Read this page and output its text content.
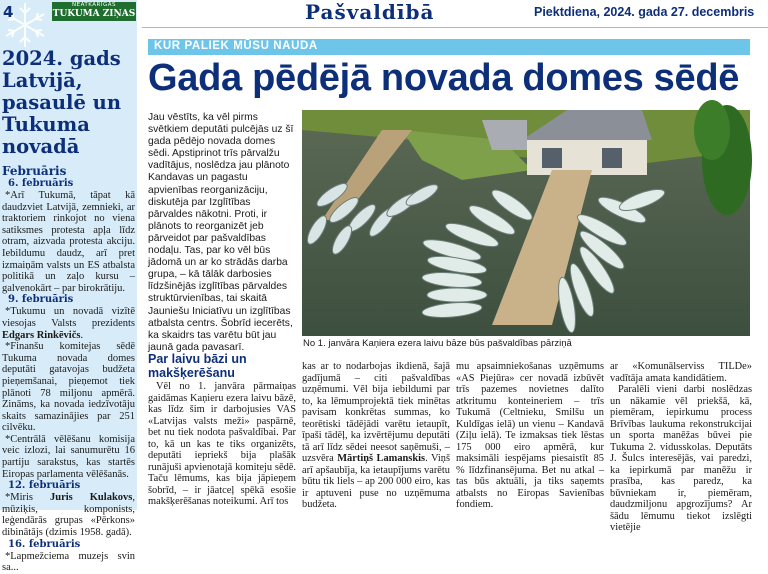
4	NEATKARĪGĀS
TUKUMA ZIŅAS
2024. gads Latvijā, pasaulē un Tukuma novadā
Februāris
6. februāris

*Arī Tukumā, tāpat kā daudzviet Latvijā, zemnieki, ar traktoriem rinkojot no viena satiksmes protesta apļa līdz otram, aizvada protesta akciju. Iebildumu daudz, arī pret izmaiņām valsts un ES atbalsta politikā un zaļo kursu – galvenokārt – par birokrātiju.

9. februāris

*Tukumu un novadā vizītē viesojas Valsts prezidents Edgars Rinkēvičs.

*Finanšu komitejas sēdē Tukuma novada domes deputāti gatavojas budžeta pieņemšanai, pieņemot tiek plānoti 78 miljonu apmērā. Zināms, ka novada iedzīvotāju skaits samazinājies par 251 cilvēku.

*Centrālā vēlēšanu komisija veic izlozi, lai sanumurētu 16 partiju sarakstus, kas startēs Eiropas parlamenta vēlēšanās.

12. februāris

*Miris Juris Kulakovs, mūziķis, komponists, leģendārās grupas «Pērkons» dibinātājs (dzimis 1958. gadā).

16. februāris

*Lapmežciema muzejs svin sa...

Pašvaldībā	Piektdiena, 2024. gada 27. decembris
KUR PALIEK MŪSU NAUDA
Gada pēdējā novada domes sēdē
Jau vēstīts, ka vēl pirms svētkiem deputāti pulcējās uz šī gada pēdējo novada domes sēdi. Apstiprinot trīs pārvalžu vadītājus, noslēdza jau plānoto Kandavas un pagastu apvienības reorganizāciju, diskutēja par Izglītības pārvaldes nākotni. Proti, ir plānots to reorganizēt jeb pārveidot par pašvaldības nodaļu. Tas, par ko vēl būs jādomā un ar ko strādās darba grupa, – kā tālāk darbosies līdzšinējās izglītības pārvaldes struktūrvienības, tai skaitā Jauniešu Iniciatīvu un izglītības atbalsta centrs. Šobrīd iecerēts, ka skaidrs tas varētu būt jau jaunā gada pavasarī.	No 1. janvāra Kaņiera ezera laivu bāze būs pašvaldības pārziņā
Par laivu bāzi un makšķerēšanu

Vēl no 1. janvāra pārmaiņas gaidāmas Kaņieru ezera laivu bāzē, kas līdz šim ir darbojusies VAS «Latvijas valsts meži» paspārnē, bet nu tiek nodota pašvaldībai. Par to, kā un kas te tiks organizēts, deputāti iepriekš bija plašāk runājuši apvienotajā komiteju sēdē. Taču lēmums, kas bija jāpieņem šobrīd, – ir jāatceļ spēkā esošie makšķerēšanas noteikumi. Arī tos

kas ar to nodarbojas ikdienā, šajā gadījumā – citi pašvaldības uzņēmumi. Vēl bija iebildumi par to, ka lēmumprojektā tiek minētas pavisam konkrētas summas, ko teorētiski tādējādi varētu ietaupīt, īpaši tādēļ, ka izvērtējumu deputāti tā arī līdz sēdei neesot saņēmuši, – uzsvēra Mārtiņš Lamanskis. Viņš arī apšaubīja, ka ietaupījums varētu būtu tik liels – ap 200 000 eiro, kas ir aptuveni puse no uzņēmuma budžeta.

mu apsaimniekošanas uzņēmums «AS Piejūra» cer novadā izbūvēt trīs pazemes novietnes dalīto atkritumu konteineriem – trīs Tukumā (Celtnieku, Smilšu un Kuldīgas ielā) un vienu – Kandavā (Ziļu ielā). Te izmaksas tiek lēstas 175 000 eiro apmērā, kur maksimāli iespējams piesaistīt 85 % līdzfinansējuma. Bet nu atkal – tas būs aktuāli, ja tiks saņemts atbalsts no Eiropas Savienības fondiem.

ar «Komunālserviss TILDe» vadītāja amata kandidātiem.

Paralēli vieni darbi noslēdzas un nākamie vēl priekšā, kā, piemēram, iepirkumu process Brīvības laukuma rekonstrukcijai un sporta manēžas būvei pie Tukuma 2. vidusskolas. Deputāts J. Šulcs interesējās, vai paredzi, ka iepirkumā par manēžu ir prasība, kas paredz, ka būvniekam ir, piemēram, daudzmiljonu apgrozījums? Ar šādu lēmumu tiekot izslēgti vietējie
